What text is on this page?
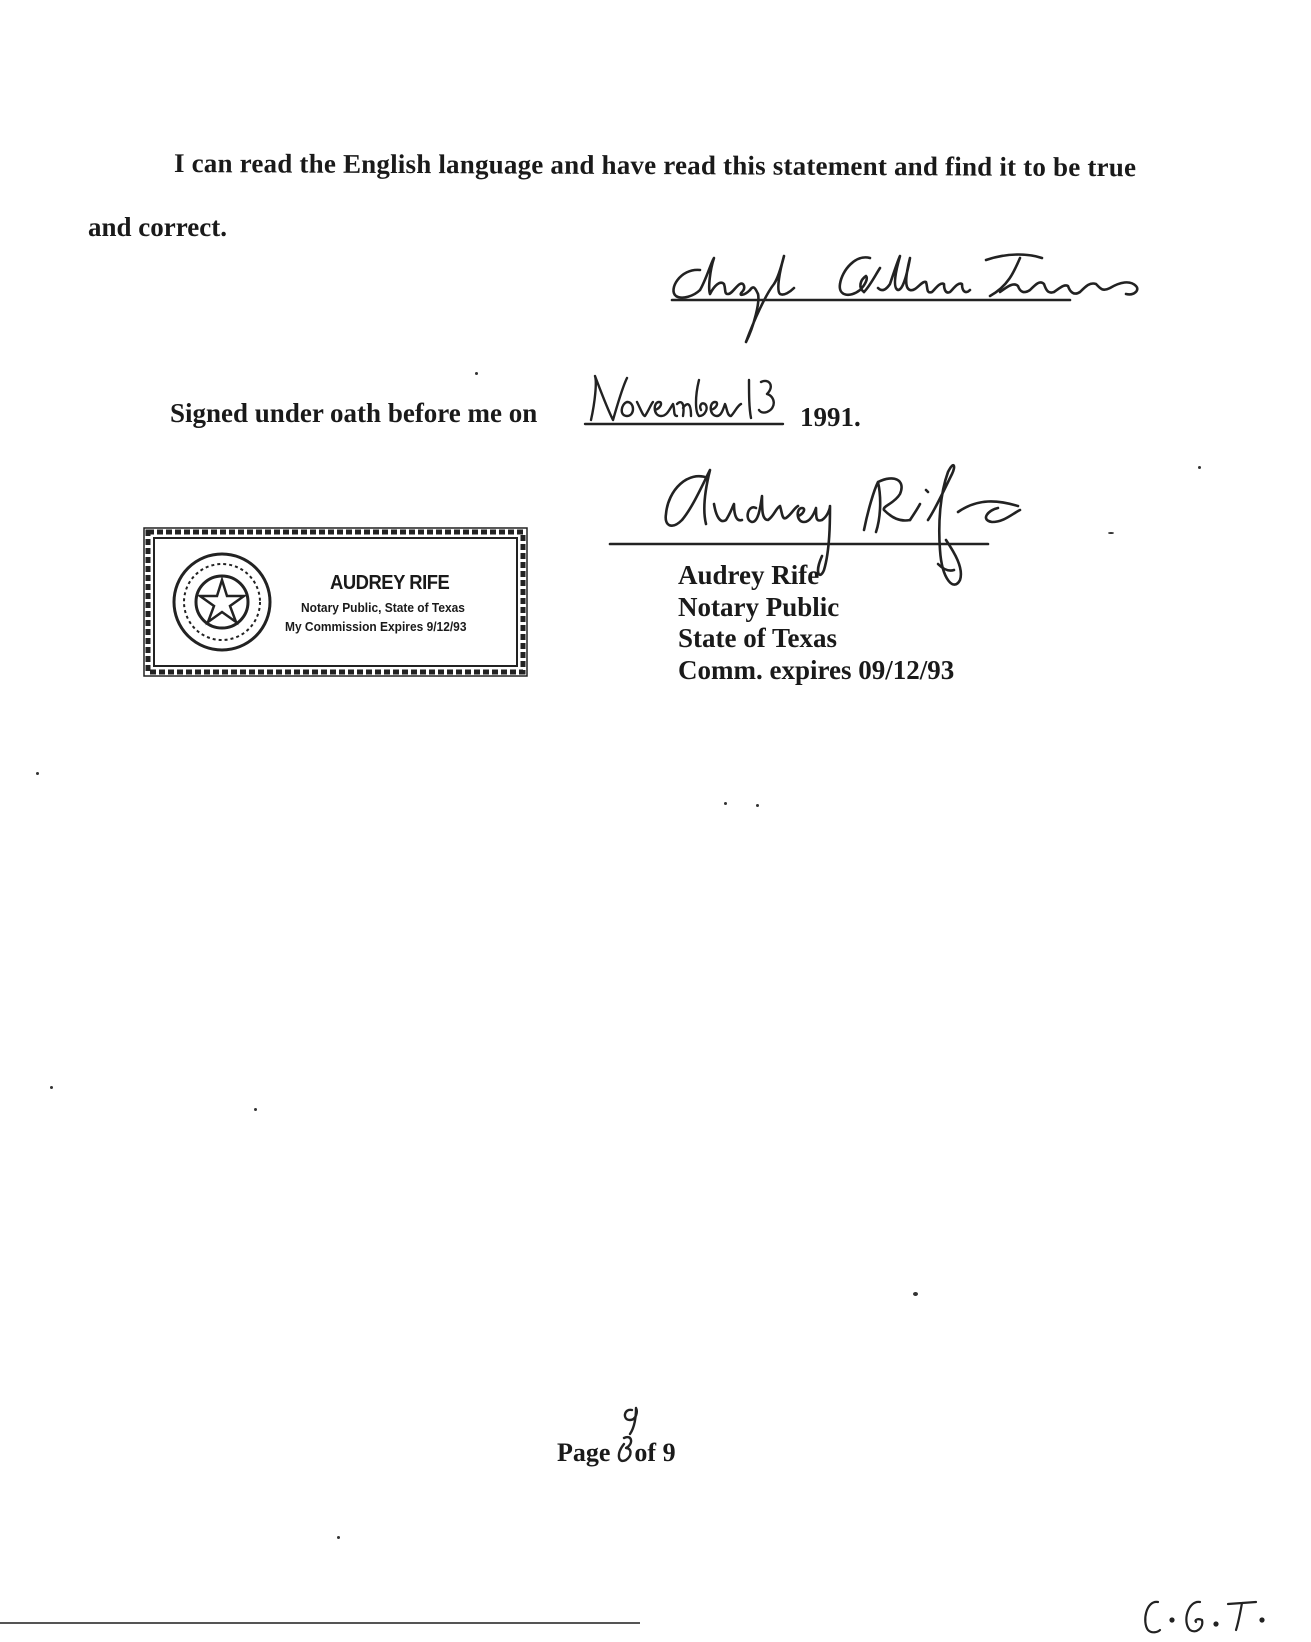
I can read the English language and have read this statement and find it to be true
and correct.
Signed under oath before me on	1991.
Audrey Rife
Notary Public
State of Texas
Comm. expires 09/12/93
AUDREY RIFE
Notary Public, State of Texas
My Commission Expires 9/12/93
Page of 9
